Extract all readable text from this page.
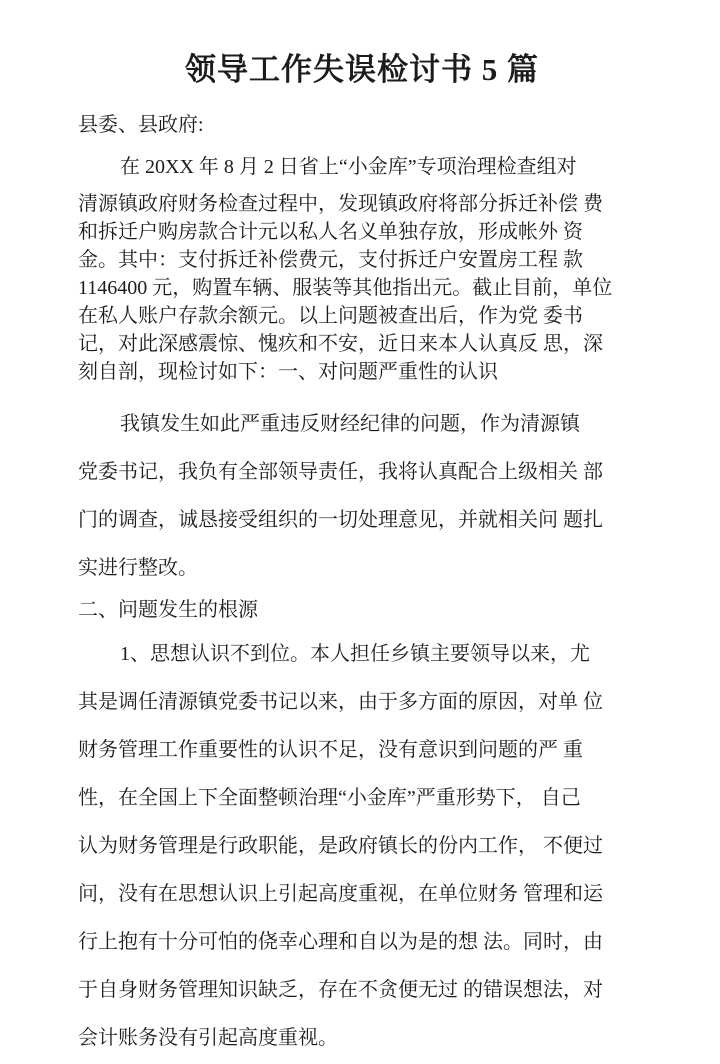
领导工作失误检讨书 5 篇
县委、县政府:
在 20XX 年 8 月 2 日省上“小金库”专项治理检查组对
清源镇政府财务检查过程中，发现镇政府将部分拆迁补偿 费
和拆迁户购房款合计元以私人名义单独存放，形成帐外 资
金。其中：支付拆迁补偿费元，支付拆迁户安置房工程 款
1146400 元，购置车辆、服装等其他指出元。截止目前，单位
在私人账户存款余额元。以上问题被查出后，作为党 委书
记，对此深感震惊、愧疚和不安，近日来本人认真反 思，深
刻自剖，现检讨如下：一、对问题严重性的认识
我镇发生如此严重违反财经纪律的问题，作为清源镇
党委书记，我负有全部领导责任，我将认真配合上级相关 部
门的调查，诚恳接受组织的一切处理意见，并就相关问 题扎
实进行整改。
二、问题发生的根源
1、思想认识不到位。本人担任乡镇主要领导以来，尤
其是调任清源镇党委书记以来，由于多方面的原因，对单 位
财务管理工作重要性的认识不足，没有意识到问题的严 重
性，在全国上下全面整顿治理“小金库”严重形势下， 自己
认为财务管理是行政职能，是政府镇长的份内工作， 不便过
问，没有在思想认识上引起高度重视，在单位财务 管理和运
行上抱有十分可怕的侥幸心理和自以为是的想 法。同时，由
于自身财务管理知识缺乏，存在不贪便无过 的错误想法，对
会计账务没有引起高度重视。
